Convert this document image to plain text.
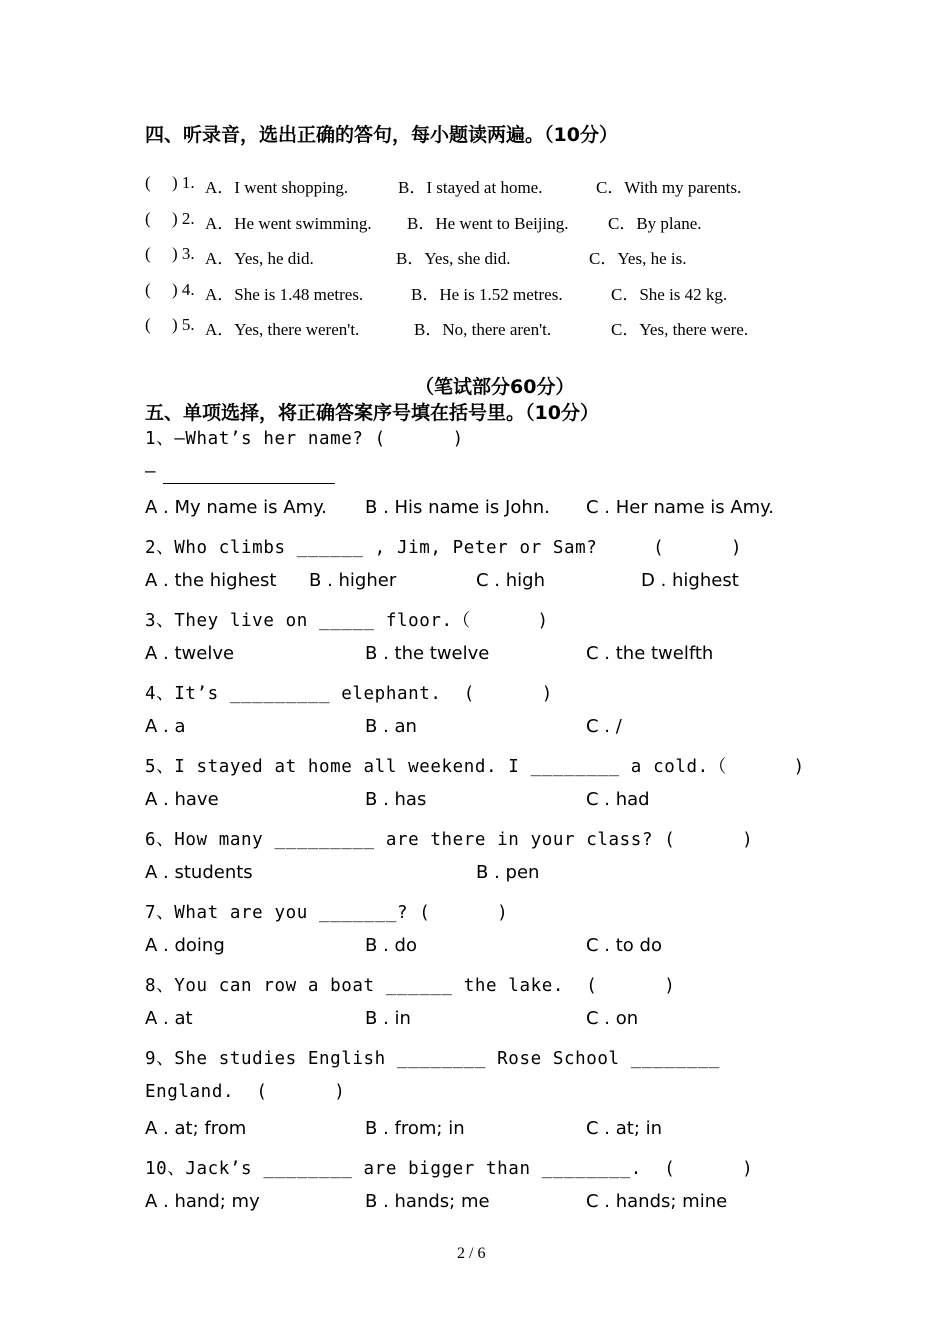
四、听录音，选出正确的答句，每小题读两遍。（10分）
( ) 1. A．I went shopping.	B．I stayed at home.	C．With my parents.
( ) 2. A．He went swimming. B．He went to Beijing. C．By plane.
( ) 3. A．Yes, he did.	B．Yes, she did.	C．Yes, he is.
( ) 4. A．She is 1.48 metres.	B．He is 1.52 metres.	C．She is 42 kg.
( ) 5. A．Yes, there weren't.	B．No, there aren't.	C．Yes, there were.
（笔试部分60分）
五、单项选择，将正确答案序号填在括号里。（10分）
1、—What’s her name? (      )
—
A . My name is Amy. B . His name is John. C . Her name is Amy.
2、Who climbs ______ , Jim, Peter or Sam?     (      )
A . the highest B . higher	C . high	D . highest
3、They live on _____ floor.（      )
A . twelve	B . the twelve	C . the twelfth
4、It’s _________ elephant.  (      )
A . a	B . an	C . /
5、I stayed at home all weekend. I ________ a cold.（      )
A . have	B . has	C . had
6、How many _________ are there in your class? (      )
A . students	B . pen
7、What are you _______? (      )
A . doing	B . do	C . to do
8、You can row a boat ______ the lake.  (      )
A . at	B . in	C . on
9、She studies English ________ Rose School ________
England.  (      )
A . at; from	B . from; in	C . at; in
10、Jack’s ________ are bigger than ________.  (      )
A . hand; my	B . hands; me	C . hands; mine
2 / 6
